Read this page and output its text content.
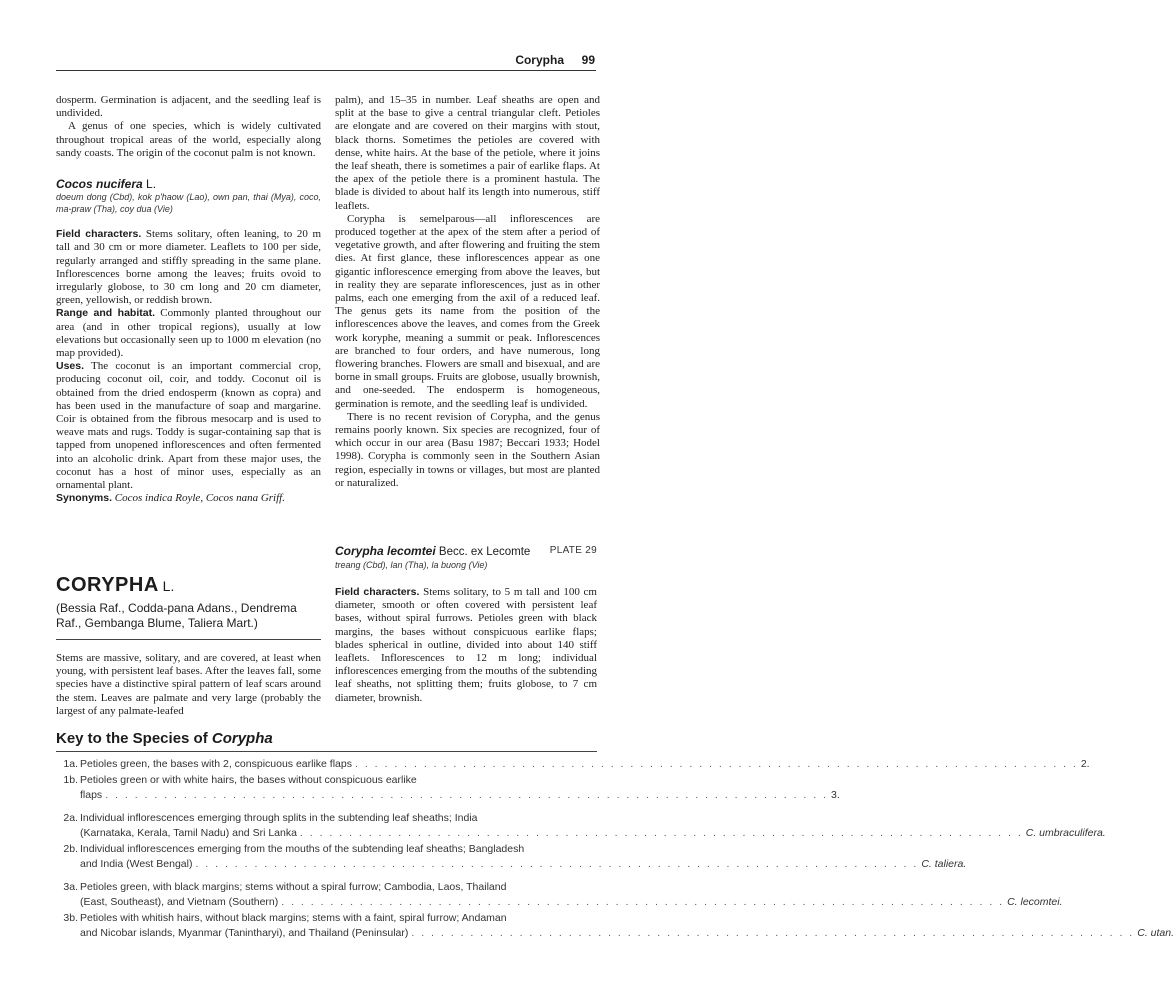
Corypha 99

dosperm. Germination is adjacent, and the seedling leaf is undivided.

A genus of one species, which is widely cultivated throughout tropical areas of the world, especially along sandy coasts. The origin of the coconut palm is not known.

Cocos nucifera L.

doeum dong (Cbd), kok p'haow (Lao), own pan, thai (Mya), coco, ma-praw (Tha), coy dua (Vie)

Field characters. Stems solitary, often leaning, to 20 m tall and 30 cm or more diameter. Leaflets to 100 per side, regularly arranged and stiffly spreading in the same plane. Inflorescences borne among the leaves; fruits ovoid to irregularly globose, to 30 cm long and 20 cm diameter, green, yellowish, or reddish brown.

Range and habitat. Commonly planted throughout our area (and in other tropical regions), usually at low elevations but occasionally seen up to 1000 m elevation (no map provided).

Uses. The coconut is an important commercial crop, producing coconut oil, coir, and toddy. Coconut oil is obtained from the dried endosperm (known as copra) and has been used in the manufacture of soap and margarine. Coir is obtained from the fibrous mesocarp and is used to weave mats and rugs. Toddy is sugar-containing sap that is tapped from unopened inflorescences and often fermented into an alcoholic drink. Apart from these major uses, the coconut has a host of minor uses, especially as an ornamental plant.

Synonyms. Cocos indica Royle, Cocos nana Griff.

CORYPHA L.

(Bessia Raf., Codda-pana Adans., Dendrema Raf., Gembanga Blume, Taliera Mart.)
Stems are massive, solitary, and are covered, at least when young, with persistent leaf bases. After the leaves fall, some species have a distinctive spiral pattern of leaf scars around the stem. Leaves are palmate and very large (probably the largest of any palmate-leafed

palm), and 15–35 in number. Leaf sheaths are open and split at the base to give a central triangular cleft. Petioles are elongate and are covered on their margins with stout, black thorns. Sometimes the petioles are covered with dense, white hairs. At the base of the petiole, where it joins the leaf sheath, there is sometimes a pair of earlike flaps. At the apex of the petiole there is a prominent hastula. The blade is divided to about half its length into numerous, stiff leaflets.

Corypha is semelparous—all inflorescences are produced together at the apex of the stem after a period of vegetative growth, and after flowering and fruiting the stem dies. At first glance, these inflorescences appear as one gigantic inflorescence emerging from above the leaves, but in reality they are separate inflorescences, just as in other palms, each one emerging from the axil of a reduced leaf. The genus gets its name from the position of the inflorescences above the leaves, and comes from the Greek work koryphe, meaning a summit or peak. Inflorescences are branched to four orders, and have numerous, long flowering branches. Flowers are small and bisexual, and are borne in small groups. Fruits are globose, usually brownish, and one-seeded. The endosperm is homogeneous, germination is remote, and the seedling leaf is undivided.

There is no recent revision of Corypha, and the genus remains poorly known. Six species are recognized, four of which occur in our area (Basu 1987; Beccari 1933; Hodel 1998). Corypha is commonly seen in the Southern Asian region, especially in towns or villages, but most are planted or naturalized.

Corypha lecomtei Becc. ex Lecomte PLATE 29
treang (Cbd), lan (Tha), la buong (Vie)
Field characters. Stems solitary, to 5 m tall and 100 cm diameter, smooth or often covered with persistent leaf bases, without spiral furrows. Petioles green with black margins, the bases without conspicuous earlike flaps; blades spherical in outline, divided into about 140 stiff leaflets. Inflorescences to 12 m long; individual inflorescences emerging from the mouths of the subtending leaf sheaths, not splitting them; fruits globose, to 7 cm diameter, brownish.
Key to the Species of Corypha
1a. Petioles green, the bases with 2, conspicuous earlike flaps . . . . . . . . . . . . . . . . . . . . . . . . . . . . . . . . . . . . . . . . . . . . . . . . . . . . . . . . . . . . . . . . . . . . . . . . . . 2.
1b. Petioles green or with white hairs, the bases without conspicuous earlike
flaps . . . . . . . . . . . . . . . . . . . . . . . . . . . . . . . . . . . . . . . . . . . . . . . . . . . . . . . . . . . . . . . . . . . . . . . . . . 3.
2a. Individual inflorescences emerging through splits in the subtending leaf sheaths; India
(Karnataka, Kerala, Tamil Nadu) and Sri Lanka . . . . . . . . . . . . . . . . . . . . . . . . . . . . . . . . . . . . . . . . . . . . . . . . . . . . . . . . . . . . . . . . . . . . . . . . . . C. umbraculifera.
2b. Individual inflorescences emerging from the mouths of the subtending leaf sheaths; Bangladesh
and India (West Bengal) . . . . . . . . . . . . . . . . . . . . . . . . . . . . . . . . . . . . . . . . . . . . . . . . . . . . . . . . . . . . . . . . . . . . . . . . . . C. taliera.
3a. Petioles green, with black margins; stems without a spiral furrow; Cambodia, Laos, Thailand
(East, Southeast), and Vietnam (Southern) . . . . . . . . . . . . . . . . . . . . . . . . . . . . . . . . . . . . . . . . . . . . . . . . . . . . . . . . . . . . . . . . . . . . . . . . . . C. lecomtei.
3b. Petioles with whitish hairs, without black margins; stems with a faint, spiral furrow; Andaman
and Nicobar islands, Myanmar (Tanintharyi), and Thailand (Peninsular) . . . . . . . . . . . . . . . . . . . . . . . . . . . . . . . . . . . . . . . . . . . . . . . . . . . . . . . . . . . . . . . . . . . . . . . . . . C. utan.
